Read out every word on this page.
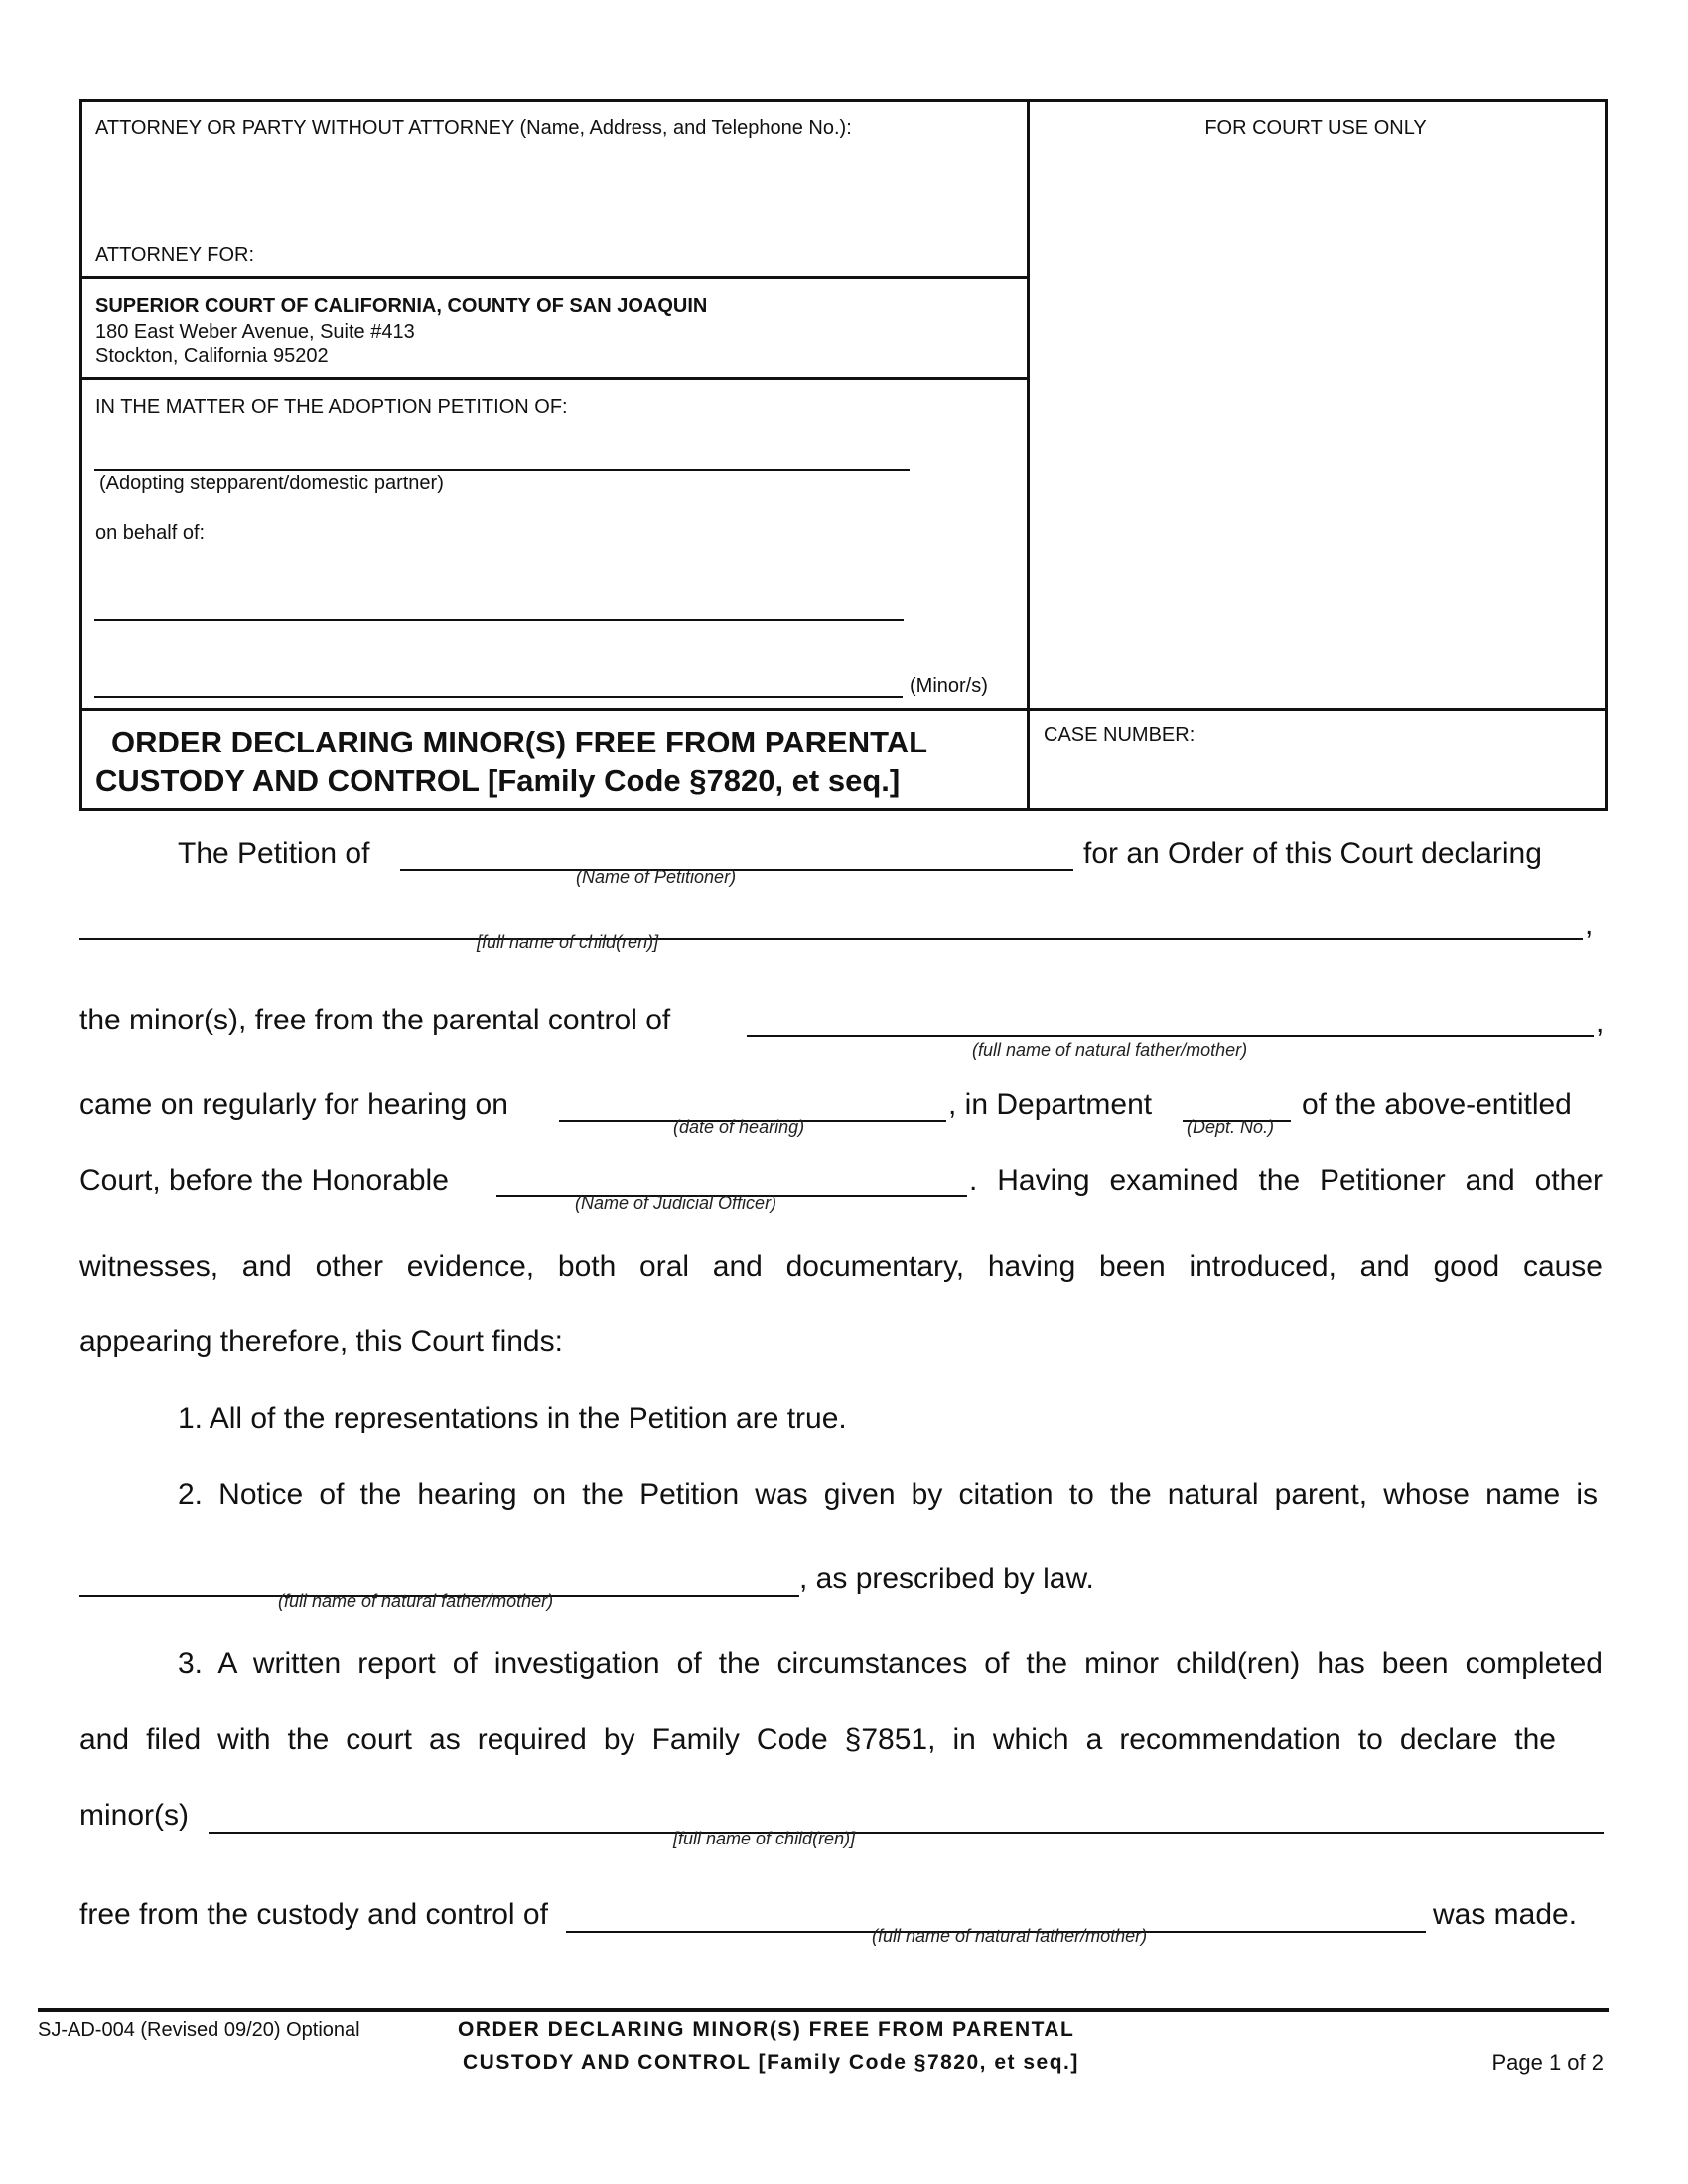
ATTORNEY OR PARTY WITHOUT ATTORNEY (Name, Address, and Telephone No.):
ATTORNEY FOR:
FOR COURT USE ONLY
SUPERIOR COURT OF CALIFORNIA, COUNTY OF SAN JOAQUIN
180 East Weber Avenue, Suite #413
Stockton, California 95202
IN THE MATTER OF THE ADOPTION PETITION OF:
(Adopting stepparent/domestic partner)
on behalf of:
(Minor/s)
ORDER DECLARING MINOR(S) FREE FROM PARENTAL
CUSTODY AND CONTROL [Family Code §7820, et seq.]
CASE NUMBER:
The Petition of
(Name of Petitioner)
for an Order of this Court declaring
[full name of child(ren)]
,
the minor(s), free from the parental control of
(full name of natural father/mother)
,
came on regularly for hearing on
(date of hearing)
, in Department
(Dept. No.)
of the above-entitled
Court, before the Honorable
(Name of Judicial Officer)
. Having examined the Petitioner and other
witnesses, and other evidence, both oral and documentary, having been introduced, and good cause
appearing therefore, this Court finds:
1. All of the representations in the Petition are true.
2. Notice of the hearing on the Petition was given by citation to the natural parent, whose name is
(full name of natural father/mother)
, as prescribed by law.
3. A written report of investigation of the circumstances of the minor child(ren) has been completed
and filed with the court as required by Family Code §7851, in which a recommendation to declare the
minor(s)
[full name of child(ren)]
free from the custody and control of
(full name of natural father/mother)
was made.
SJ-AD-004 (Revised 09/20) Optional	ORDER DECLARING MINOR(S) FREE FROM PARENTAL
CUSTODY AND CONTROL [Family Code §7820, et seq.]	Page 1 of 2
